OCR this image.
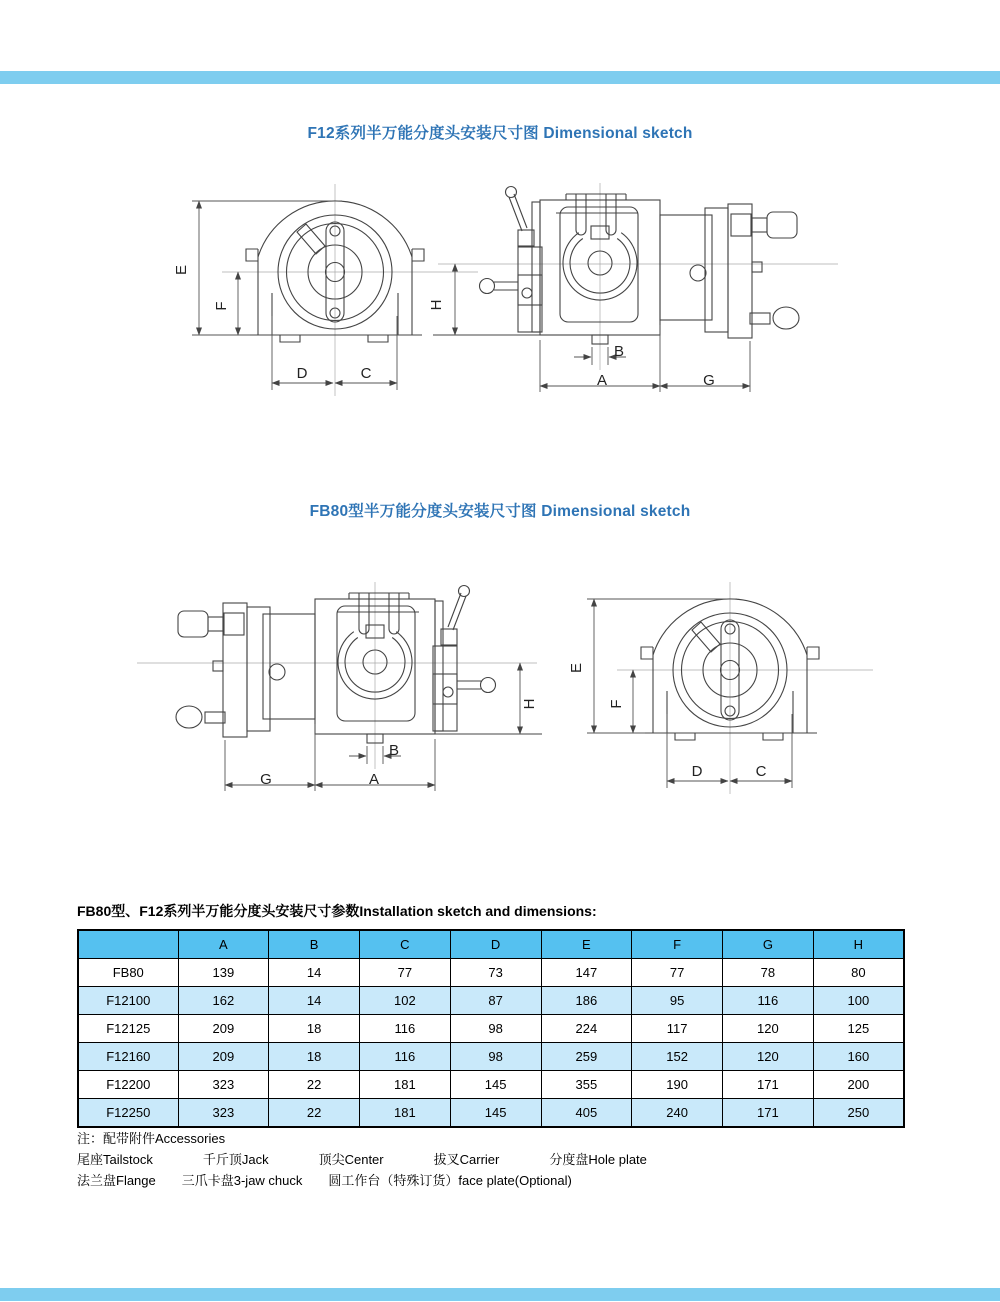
F12系列半万能分度头安装尺寸图 Dimensional sketch
E
F
D	C
H
B
A	G
FB80型半万能分度头安装尺寸图 Dimensional sketch
G	A
B
H
E
F
D	C
FB80型、F12系列半万能分度头安装尺寸参数Installation sketch and dimensions:
	A	B	C	D	E	F	G	H
FB80	139	14	77	73	147	77	78	80
F12100	162	14	102	87	186	95	116	100
F12125	209	18	116	98	224	117	120	125
F12160	209	18	116	98	259	152	120	160
F12200	323	22	181	145	355	190	171	200
F12250	323	22	181	145	405	240	171	250
注：配带附件Accessories
尾座Tailstock	千斤顶Jack	顶尖Center	拔叉Carrier	分度盘Hole plate
法兰盘Flange 三爪卡盘3-jaw chuck 圆工作台（特殊订货）face plate(Optional)
